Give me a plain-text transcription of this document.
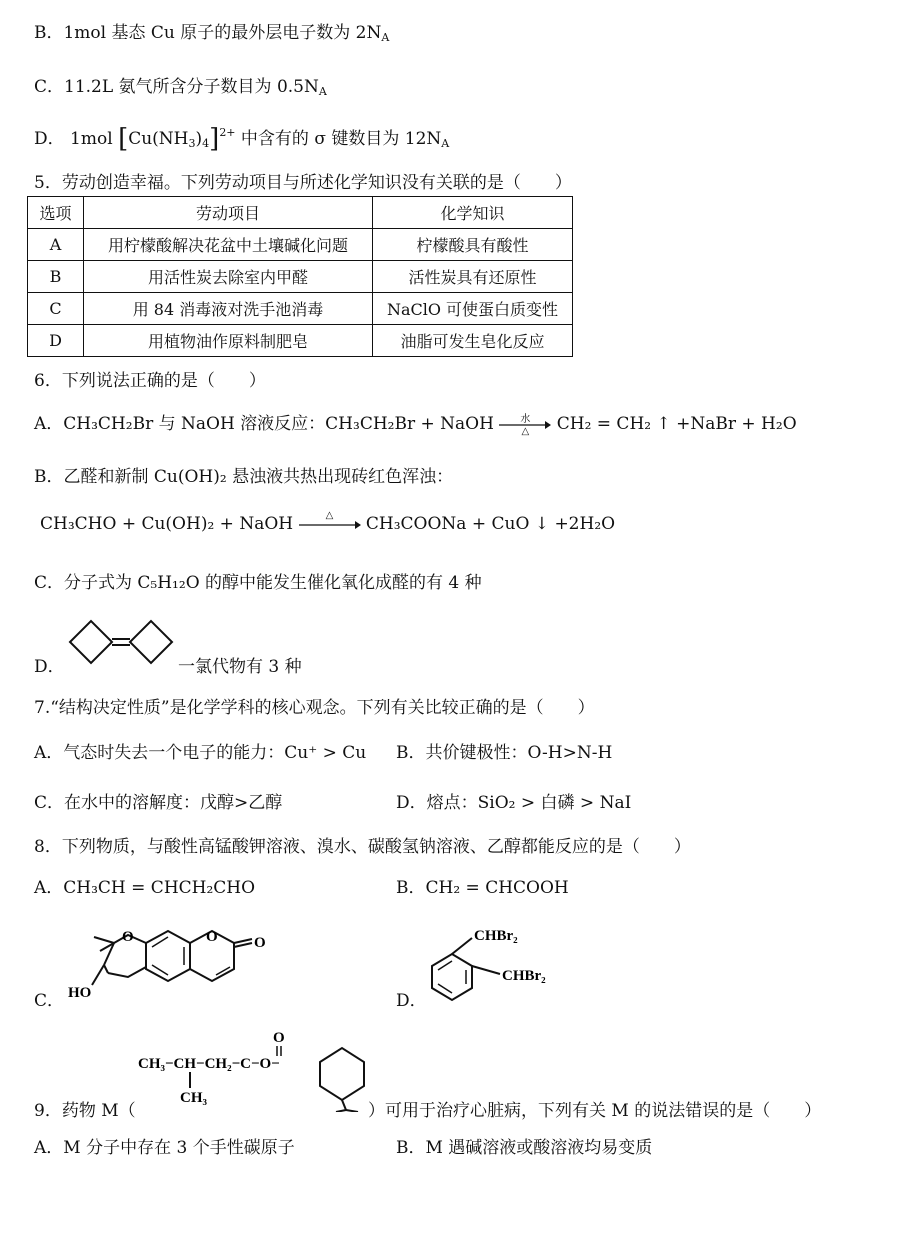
B．1mol 基态 Cu 原子的最外层电子数为 $2N_A$
C．11.2L 氨气所含分子数目为 $0.5N_A$
D． 1mol $[Cu(NH_3)_4]^{2+}$ 中含有的 σ 键数目为 $12N_A$
5．劳动创造幸福。下列劳动项目与所述化学知识没有关联的是（　　）
选项	劳动项目	化学知识
A	用柠檬酸解决花盆中土壤碱化问题	柠檬酸具有酸性
B	用活性炭去除室内甲醛	活性炭具有还原性
C	用 84 消毒液对洗手池消毒	NaClO 可使蛋白质变性
D	用植物油作原料制肥皂	油脂可发生皂化反应
6．下列说法正确的是（　　）
A．CH₃CH₂Br 与 NaOH 溶液反应：CH₃CH₂Br + NaOH	水
△	CH₂ = CH₂ ↑ +NaBr + H₂O
B．乙醛和新制 Cu(OH)₂ 悬浊液共热出现砖红色浑浊：
CH₃CHO + Cu(OH)₂ + NaOH	△	CH₃COONa + CuO ↓ +2H₂O
C．分子式为 C₅H₁₂O 的醇中能发生催化氧化成醛的有 4 种
D．	一氯代物有 3 种
7.“结构决定性质”是化学学科的核心观念。下列有关比较正确的是（　　）
A．气态时失去一个电子的能力：Cu⁺ > Cu B．共价键极性：O-H>N-H
C．在水中的溶解度：戊醇>乙醇	D．熔点：SiO₂ > 白磷 > NaI
8．下列物质，与酸性高锰酸钾溶液、溴水、碳酸氢钠溶液、乙醇都能反应的是（　　）
A．CH₃CH = CHCH₂CHO	B．CH₂ = CHCOOH
C．
O	O O
HO	D．
CHBr₂
CHBr₂
9．药物 M（
CH₃−CH−CH₂−C−O−
CH₃
O
）可用于治疗心脏病，下列有关 M 的说法错误的是（　　）
A．M 分子中存在 3 个手性碳原子	B．M 遇碱溶液或酸溶液均易变质
